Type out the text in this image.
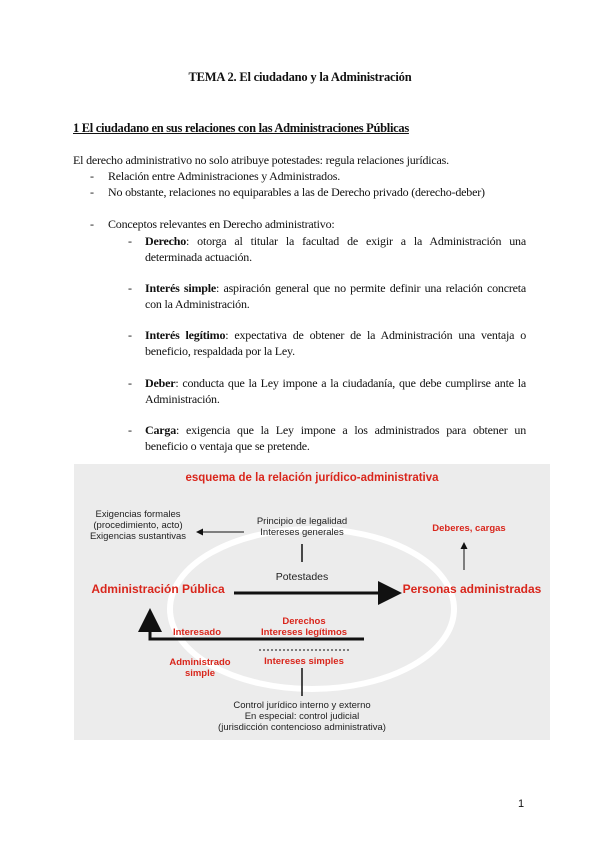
TEMA 2. El ciudadano y la Administración
1 El ciudadano en sus relaciones con las Administraciones Públicas
El derecho administrativo no solo atribuye potestades: regula relaciones jurídicas.
- Relación entre Administraciones y Administrados.
- No obstante, relaciones no equiparables a las de Derecho privado (derecho-deber)
- Conceptos relevantes en Derecho administrativo:
- Derecho: otorga al titular la facultad de exigir a la Administración una determinada actuación.
- Interés simple: aspiración general que no permite definir una relación concreta con la Administración.
- Interés legítimo: expectativa de obtener de la Administración una ventaja o beneficio, respaldada por la Ley.
- Deber: conducta que la Ley impone a la ciudadanía, que debe cumplirse ante la Administración.
- Carga: exigencia que la Ley impone a los administrados para obtener un beneficio o ventaja que se pretende.
esquema de la relación jurídico-administrativa
Exigencias formales
(procedimiento, acto)
Exigencias sustantivas
Principio de legalidad
Intereses generales	Deberes, cargas
Potestades
Administración Pública	Personas administradas
Interesado
Derechos
Intereses legítimos
Intereses simples
Administrado
simple
Control jurídico interno y externo
En especial: control judicial
(jurisdicción contencioso administrativa)
1
